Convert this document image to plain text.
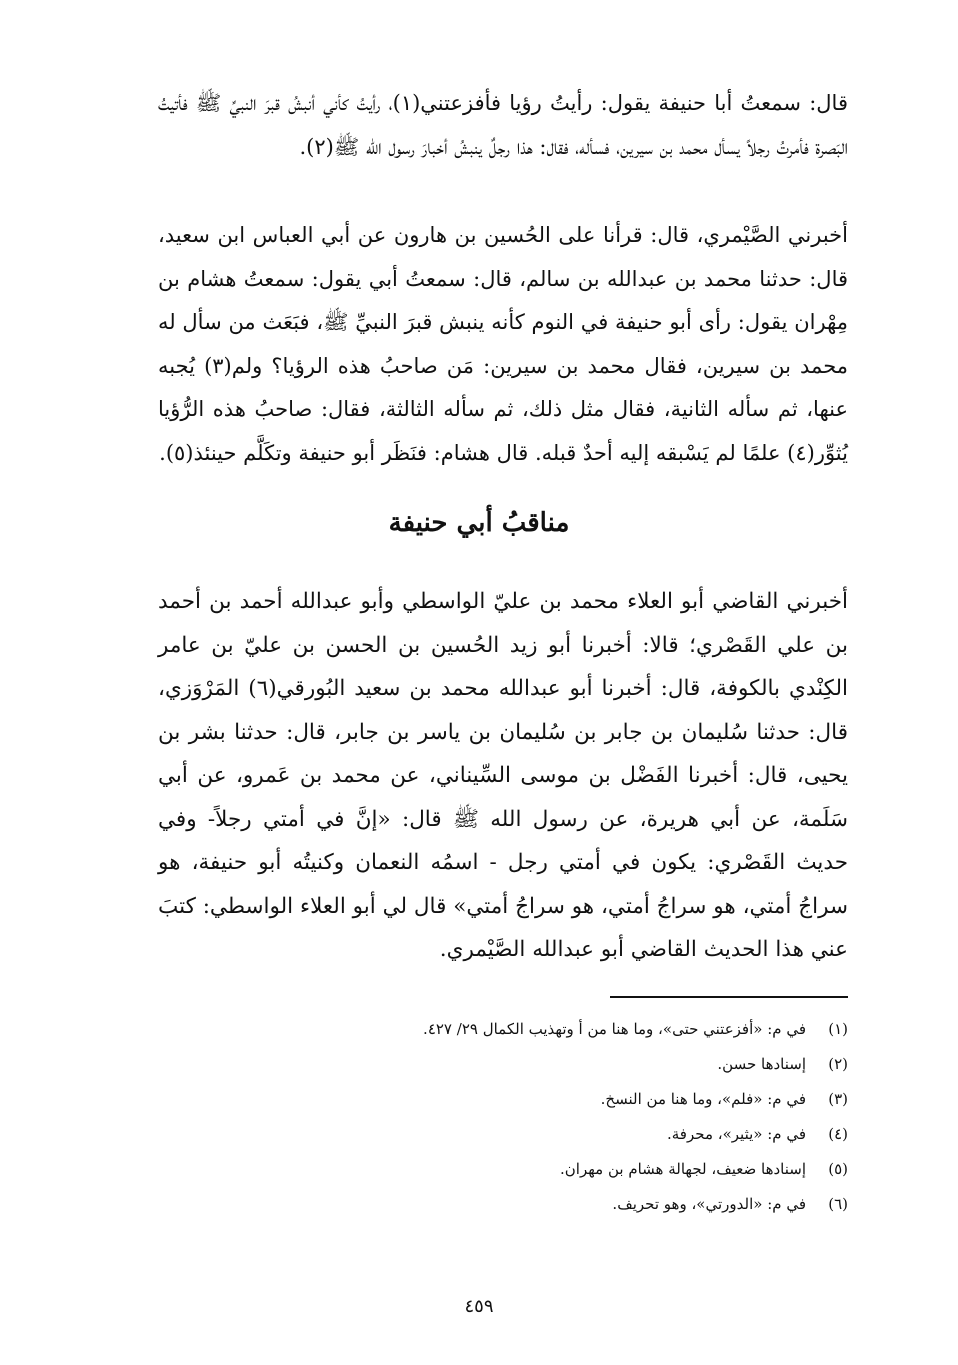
قال: سمعتُ أبا حنيفة يقول: رأيتُ رؤيا فأفزعتني(١)، رأيتُ كأني أنبشُ قبرَ النبيِّ ﷺ فأتيتُ البَصرة فأمرتُ رجلاً يسأل محمد بن سيرين، فسأله، فقال: هذا رجلٌ ينبشُ أخبارَ رسول الله ﷺ(٢).

أخبرني الصَّيْمري، قال: قرأنا على الحُسين بن هارون عن أبي العباس ابن سعيد، قال: حدثنا محمد بن عبدالله بن سالم، قال: سمعتُ أبي يقول: سمعتُ هشام بن مِهْران يقول: رأى أبو حنيفة في النوم كأنه ينبش قبرَ النبيِّ ﷺ، فبَعَث من سأل له محمد بن سيرين، فقال محمد بن سيرين: مَن صاحبُ هذه الرؤيا؟ ولم(٣) يُجبه عنها، ثم سأله الثانية، فقال مثل ذلك، ثم سأله الثالثة، فقال: صاحبُ هذه الرُّؤيا يُثوِّر(٤) علمًا لم يَسْبقه إليه أحدٌ قبله. قال هشام: فنَظَر أبو حنيفة وتكَلَّم حينئذ(٥).

مناقبُ أبي حنيفة

أخبرني القاضي أبو العلاء محمد بن عليّ الواسطي وأبو عبدالله أحمد بن أحمد بن علي القَصْري؛ قالا: أخبرنا أبو زيد الحُسين بن الحسن بن عليّ بن عامر الكِنْدي بالكوفة، قال: أخبرنا أبو عبدالله محمد بن سعيد البُورقي(٦) المَرْوَزي، قال: حدثنا سُليمان بن جابر بن سُليمان بن ياسر بن جابر، قال: حدثنا بشر بن يحيى، قال: أخبرنا الفَضْل بن موسى السِّيناني، عن محمد بن عَمرو، عن أبي سَلَمة، عن أبي هريرة، عن رسول الله ﷺ قال: «إنَّ في أمتي رجلاً- وفي حديث القَصْري: يكون في أمتي رجل - اسمُه النعمان وكنيتُه أبو حنيفة، هو سراجُ أمتي، هو سراجُ أمتي، هو سراجُ أمتي» قال لي أبو العلاء الواسطي: كتبَ عني هذا الحديث القاضي أبو عبدالله الصَّيْمري.

(١)
في م: «أفزعتني حتى»، وما هنا من أ وتهذيب الكمال ٢٩/ ٤٢٧.
(٢)
إسنادها حسن.
(٣)
في م: «فلم»، وما هنا من النسخ.
(٤)
في م: «يثير»، محرفة.
(٥)
إسنادها ضعيف، لجهالة هشام بن مهران.
(٦)
في م: «الدورتي»، وهو تحريف.
٤٥٩
